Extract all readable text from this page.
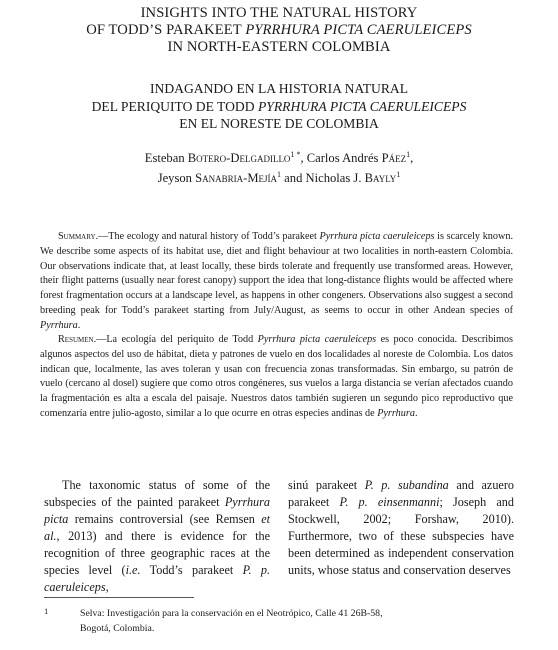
INSIGHTS INTO THE NATURAL HISTORY
OF TODD’S PARAKEET PYRRHURA PICTA CAERULEICEPS
IN NORTH-EASTERN COLOMBIA
INDAGANDO EN LA HISTORIA NATURAL
DEL PERIQUITO DE TODD PYRRHURA PICTA CAERULEICEPS
EN EL NORESTE DE COLOMBIA
Esteban Botero-Delgadillo$^{1 *}$, Carlos Andrés Páez$^1$,
Jeyson Sanabria-Mejía$^1$ and Nicholas J. Bayly$^1$

Summary.—The ecology and natural history of Todd’s parakeet Pyrrhura picta caeruleiceps is scarcely known. We describe some aspects of its habitat use, diet and flight behaviour at two localities in north-eastern Colombia. Our observations indicate that, at least locally, these birds tolerate and frequently use transformed areas. However, their flight patterns (usually near forest canopy) support the idea that long-distance flights would be affected where forest fragmentation occurs at a landscape level, as happens in other congeners. Observations also suggest a second breeding peak for Todd’s parakeet starting from July/August, as seems to occur in other Andean species of Pyrrhura.

Resumen.—La ecología del periquito de Todd Pyrrhura picta caeruleiceps es poco conocida. Describimos algunos aspectos del uso de hábitat, dieta y patrones de vuelo en dos localidades al noreste de Colombia. Los datos indican que, localmente, las aves toleran y usan con frecuencia zonas transformadas. Sin embargo, su patrón de vuelo (cercano al dosel) sugiere que como otros congéneres, sus vuelos a larga distancia se verían afectados cuando la fragmentación es alta a escala del paisaje. Nuestros datos también sugieren un segundo pico reproductivo que comenzaría entre julio-agosto, similar a lo que ocurre en otras especies andinas de Pyrrhura.

The taxonomic status of some of the subspecies of the painted parakeet Pyrrhura picta remains controversial (see Remsen et al., 2013) and there is evidence for the recognition of three geographic races at the species level (i.e. Todd’s parakeet P. p. caeruleiceps,

sinú parakeet P. p. subandina and azuero parakeet P. p. einsenmanni; Joseph and Stockwell, 2002; Forshaw, 2010). Furthermore, two of these subspecies have been determined as independent conservation units, whose status and conservation deserves

1	Selva: Investigación para la conservación en el Neotrópico, Calle 41 26B-58,
Bogotá, Colombia.
